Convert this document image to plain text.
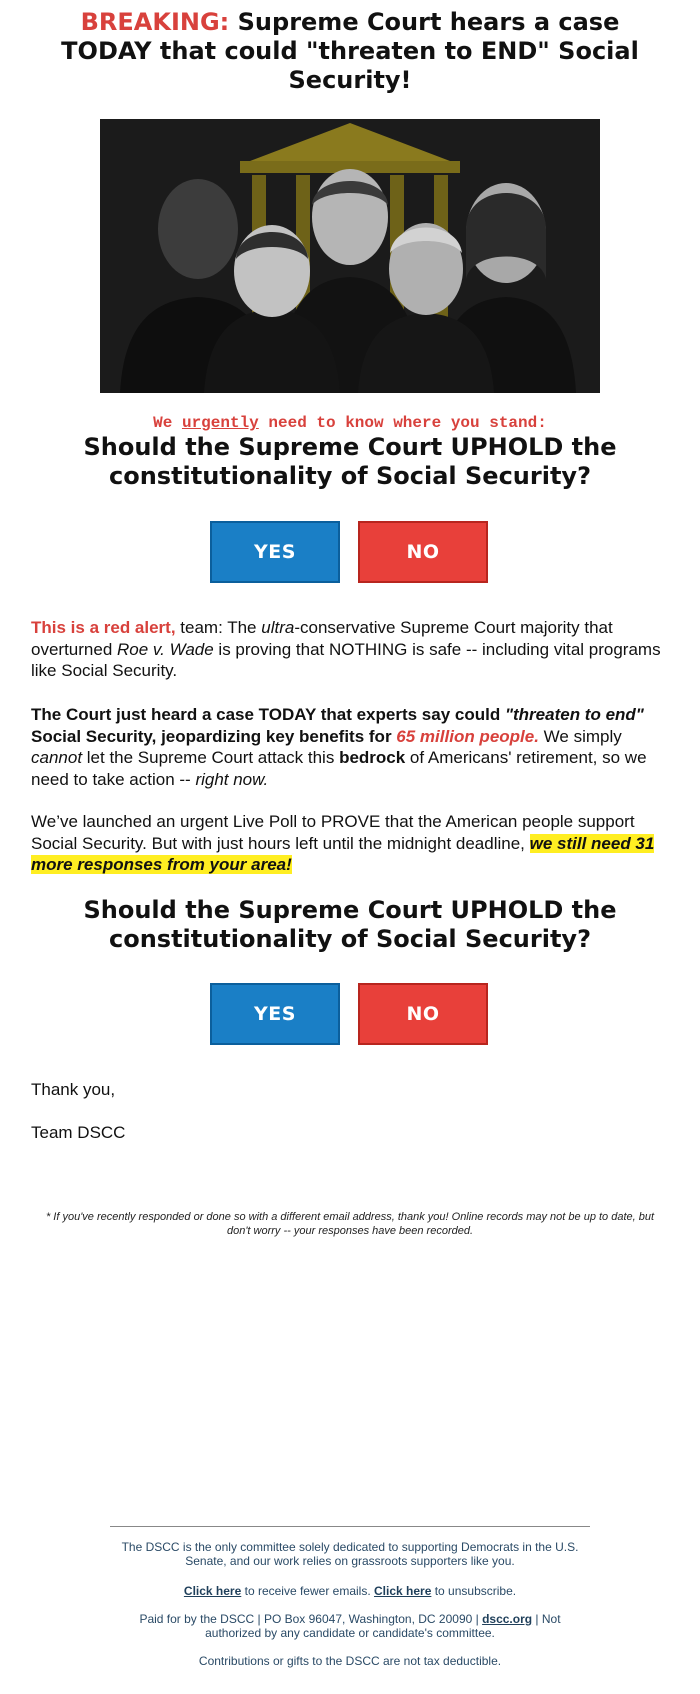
BREAKING: Supreme Court hears a case TODAY that could "threaten to END" Social Security!
We urgently need to know where you stand:
Should the Supreme Court UPHOLD the constitutionality of Social Security?
YES	NO
This is a red alert, team: The ultra-conservative Supreme Court majority that overturned Roe v. Wade is proving that NOTHING is safe -- including vital programs like Social Security.
The Court just heard a case TODAY that experts say could "threaten to end" Social Security, jeopardizing key benefits for 65 million people. We simply cannot let the Supreme Court attack this bedrock of Americans' retirement, so we need to take action -- right now.
We’ve launched an urgent Live Poll to PROVE that the American people support Social Security. But with just hours left until the midnight deadline, we still need 31 more responses from your area!
Should the Supreme Court UPHOLD the constitutionality of Social Security?
YES	NO
Thank you,
Team DSCC
* If you've recently responded or done so with a different email address, thank you! Online records may not be up to date, but don't worry -- your responses have been recorded.
The DSCC is the only committee solely dedicated to supporting Democrats in the U.S. Senate, and our work relies on grassroots supporters like you.
Click here to receive fewer emails. Click here to unsubscribe.
Paid for by the DSCC | PO Box 96047, Washington, DC 20090 | dscc.org | Not authorized by any candidate or candidate's committee.
Contributions or gifts to the DSCC are not tax deductible.
